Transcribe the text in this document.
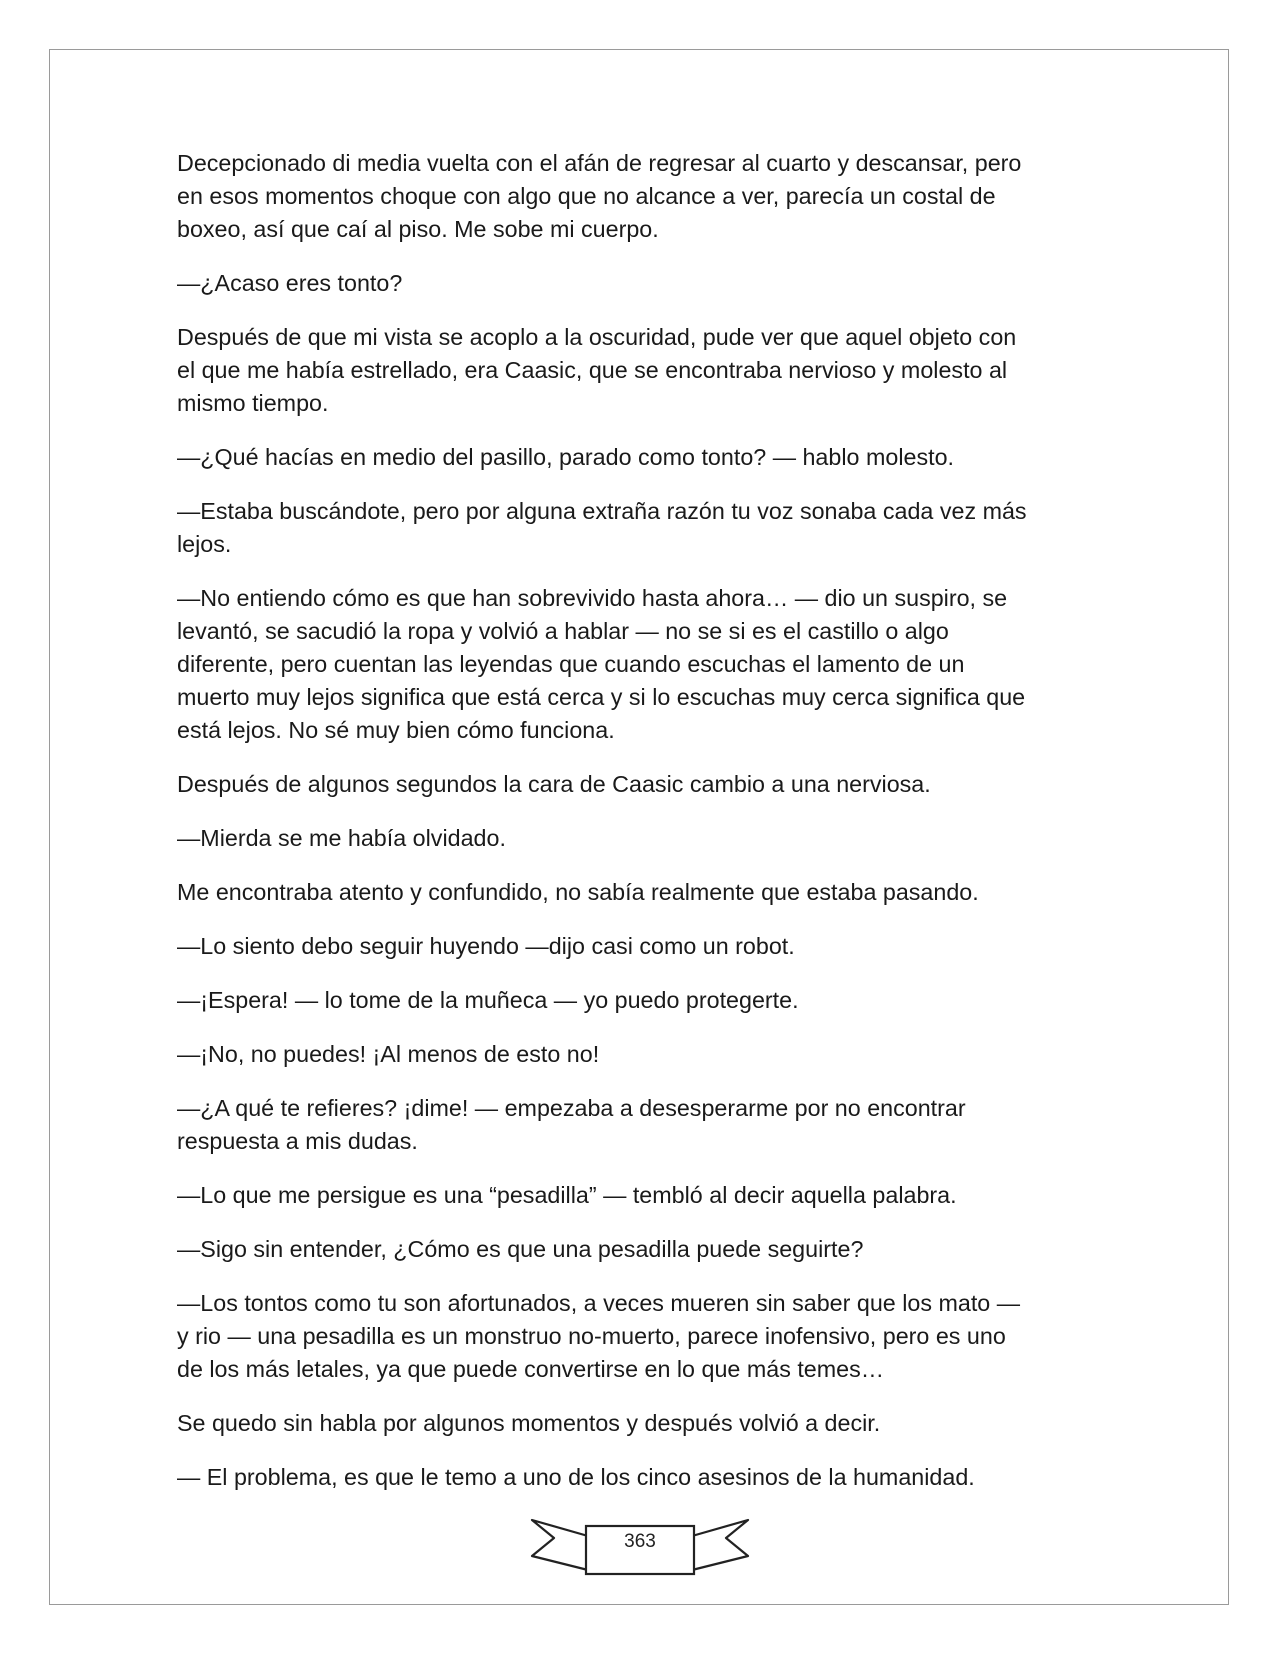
Decepcionado di media vuelta con el afán de regresar al cuarto y descansar, pero
en esos momentos choque con algo que no alcance a ver, parecía un costal de
boxeo, así que caí al piso. Me sobe mi cuerpo.

—¿Acaso eres tonto?

Después de que mi vista se acoplo a la oscuridad, pude ver que aquel objeto con
el que me había estrellado, era Caasic, que se encontraba nervioso y molesto al
mismo tiempo.

—¿Qué hacías en medio del pasillo, parado como tonto? — hablo molesto.

—Estaba buscándote, pero por alguna extraña razón tu voz sonaba cada vez más
lejos.

—No entiendo cómo es que han sobrevivido hasta ahora… — dio un suspiro, se
levantó, se sacudió la ropa y volvió a hablar — no se si es el castillo o algo
diferente, pero cuentan las leyendas que cuando escuchas el lamento de un
muerto muy lejos significa que está cerca y si lo escuchas muy cerca significa que
está lejos. No sé muy bien cómo funciona.

Después de algunos segundos la cara de Caasic cambio a una nerviosa.

—Mierda se me había olvidado.

Me encontraba atento y confundido, no sabía realmente que estaba pasando.

—Lo siento debo seguir huyendo —dijo casi como un robot.

—¡Espera! — lo tome de la muñeca — yo puedo protegerte.

—¡No, no puedes! ¡Al menos de esto no!

—¿A qué te refieres? ¡dime! — empezaba a desesperarme por no encontrar
respuesta a mis dudas.

—Lo que me persigue es una “pesadilla” — tembló al decir aquella palabra.

—Sigo sin entender, ¿Cómo es que una pesadilla puede seguirte?

—Los tontos como tu son afortunados, a veces mueren sin saber que los mato —
y rio — una pesadilla es un monstruo no-muerto, parece inofensivo, pero es uno
de los más letales, ya que puede convertirse en lo que más temes…

Se quedo sin habla por algunos momentos y después volvió a decir.

— El problema, es que le temo a uno de los cinco asesinos de la humanidad.

363
